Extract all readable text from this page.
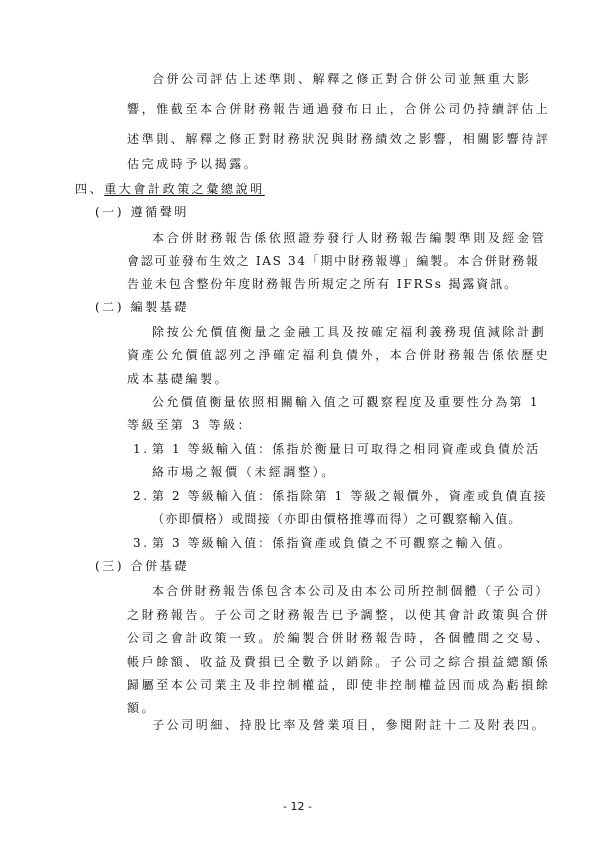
合併公司評估上述準則、解釋之修正對合併公司並無重大影
響，惟截至本合併財務報告通過發布日止，合併公司仍持續評估上
述準則、解釋之修正對財務狀況與財務績效之影響，相關影響待評
估完成時予以揭露。
四、重大會計政策之彙總說明
(一) 遵循聲明
本合併財務報告係依照證券發行人財務報告編製準則及經金管
會認可並發布生效之 IAS 34「期中財務報導」編製。本合併財務報
告並未包含整份年度財務報告所規定之所有 IFRSs 揭露資訊。
(二) 編製基礎
除按公允價值衡量之金融工具及按確定福利義務現值減除計劃
資產公允價值認列之淨確定福利負債外，本合併財務報告係依歷史
成本基礎編製。
公允價值衡量依照相關輸入值之可觀察程度及重要性分為第 1
等級至第 3 等級：
1. 第 1 等級輸入值：係指於衡量日可取得之相同資產或負債於活
絡市場之報價（未經調整）。
2. 第 2 等級輸入值：係指除第 1 等級之報價外，資產或負債直接
（亦即價格）或間接（亦即由價格推導而得）之可觀察輸入值。
3. 第 3 等級輸入值：係指資產或負債之不可觀察之輸入值。
(三) 合併基礎
本合併財務報告係包含本公司及由本公司所控制個體（子公司）
之財務報告。子公司之財務報告已予調整，以使其會計政策與合併
公司之會計政策一致。於編製合併財務報告時，各個體間之交易、
帳戶餘額、收益及費損已全數予以銷除。子公司之綜合損益總額係
歸屬至本公司業主及非控制權益，即使非控制權益因而成為虧損餘
額。
子公司明細、持股比率及營業項目，參閱附註十二及附表四。
- 12 -
